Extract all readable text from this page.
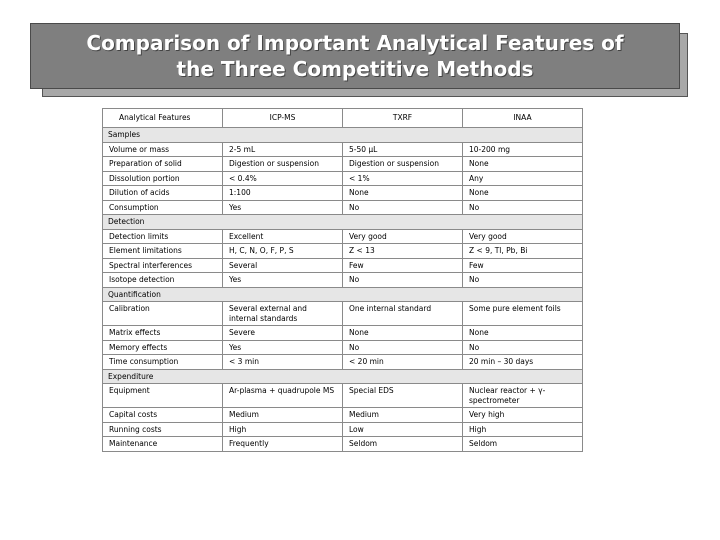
Comparison of Important Analytical Features of
the Three Competitive Methods
Analytical Features	ICP-MS	TXRF	INAA
Samples			
Volume or mass	2-5 mL	5-50 µL	10-200 mg
Preparation of solid	Digestion or suspension	Digestion or suspension	None
Dissolution portion	< 0.4%	< 1%	Any
Dilution of acids	1:100	None	None
Consumption	Yes	No	No
Detection			
Detection limits	Excellent	Very good	Very good
Element limitations	H, C, N, O, F, P, S	Z < 13	Z < 9, Tl, Pb, Bi
Spectral interferences	Several	Few	Few
Isotope detection	Yes	No	No
Quantification			
Calibration	Several external and internal standards	One internal standard	Some pure element foils
Matrix effects	Severe	None	None
Memory effects	Yes	No	No
Time consumption	< 3 min	< 20 min	20 min – 30 days
Expenditure			
Equipment	Ar-plasma + quadrupole MS	Special EDS	Nuclear reactor + γ-spectrometer
Capital costs	Medium	Medium	Very high
Running costs	High	Low	High
Maintenance	Frequently	Seldom	Seldom
